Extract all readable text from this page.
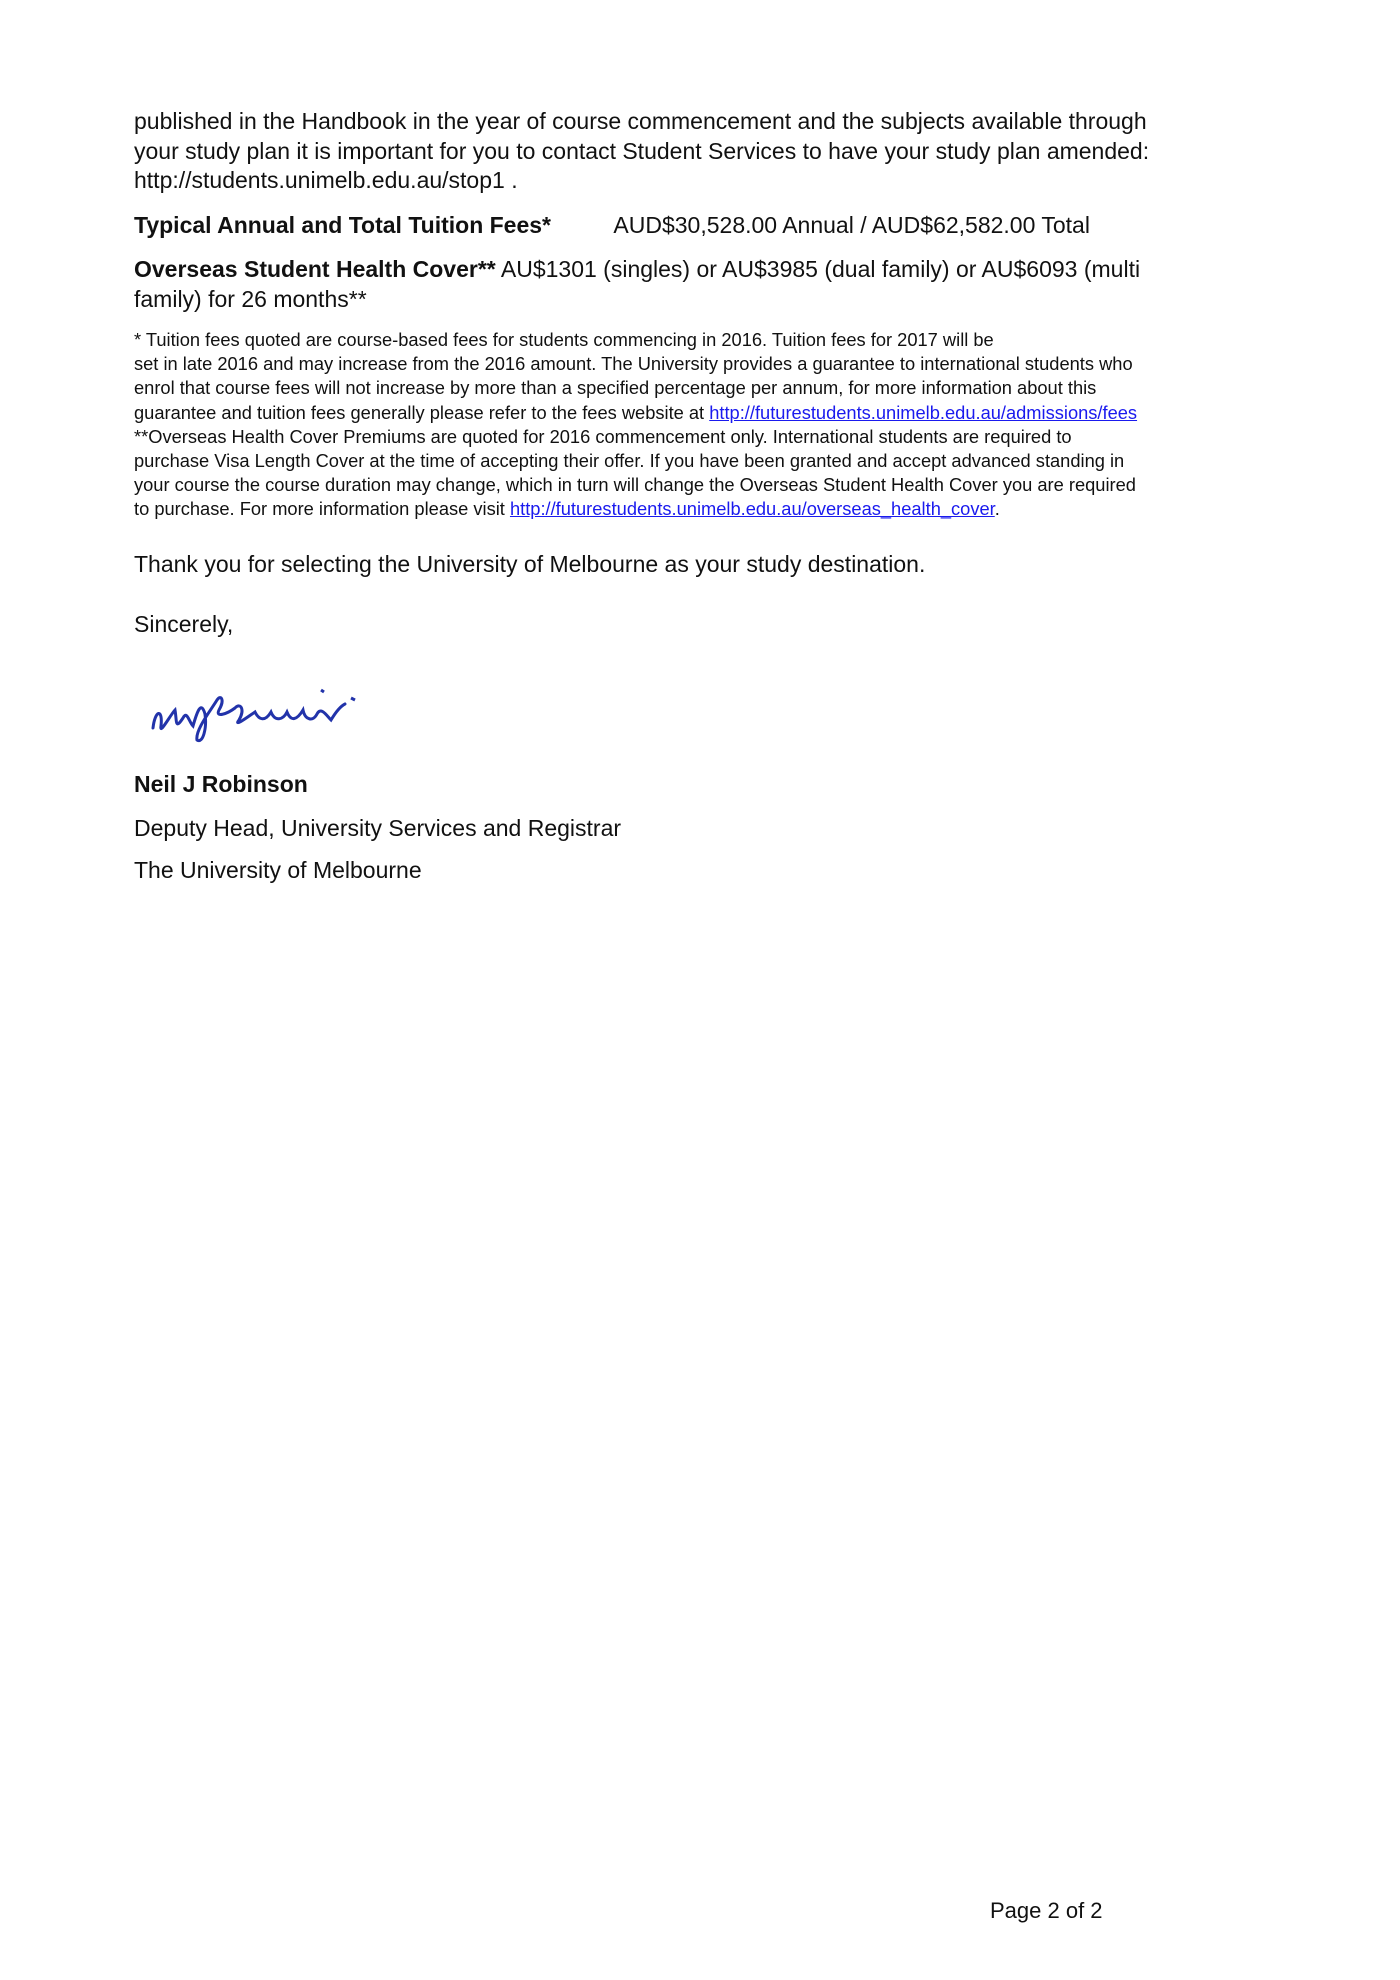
published in the Handbook in the year of course commencement and the subjects available through
your study plan it is important for you to contact Student Services to have your study plan amended:
http://students.unimelb.edu.au/stop1 .
Typical Annual and Total Tuition Fees*	AUD$30,528.00 Annual / AUD$62,582.00 Total
Overseas Student Health Cover** AU$1301 (singles) or AU$3985 (dual family) or AU$6093 (multi
family) for 26 months**
* Tuition fees quoted are course-based fees for students commencing in 2016. Tuition fees for 2017 will be
set in late 2016 and may increase from the 2016 amount. The University provides a guarantee to international students who
enrol that course fees will not increase by more than a specified percentage per annum, for more information about this
guarantee and tuition fees generally please refer to the fees website at http://futurestudents.unimelb.edu.au/admissions/fees
**Overseas Health Cover Premiums are quoted for 2016 commencement only. International students are required to
purchase Visa Length Cover at the time of accepting their offer. If you have been granted and accept advanced standing in
your course the course duration may change, which in turn will change the Overseas Student Health Cover you are required
to purchase. For more information please visit http://futurestudents.unimelb.edu.au/overseas_health_cover.
Thank you for selecting the University of Melbourne as your study destination.
Sincerely,
Neil J Robinson
Deputy Head, University Services and Registrar
The University of Melbourne
Page 2 of 2
